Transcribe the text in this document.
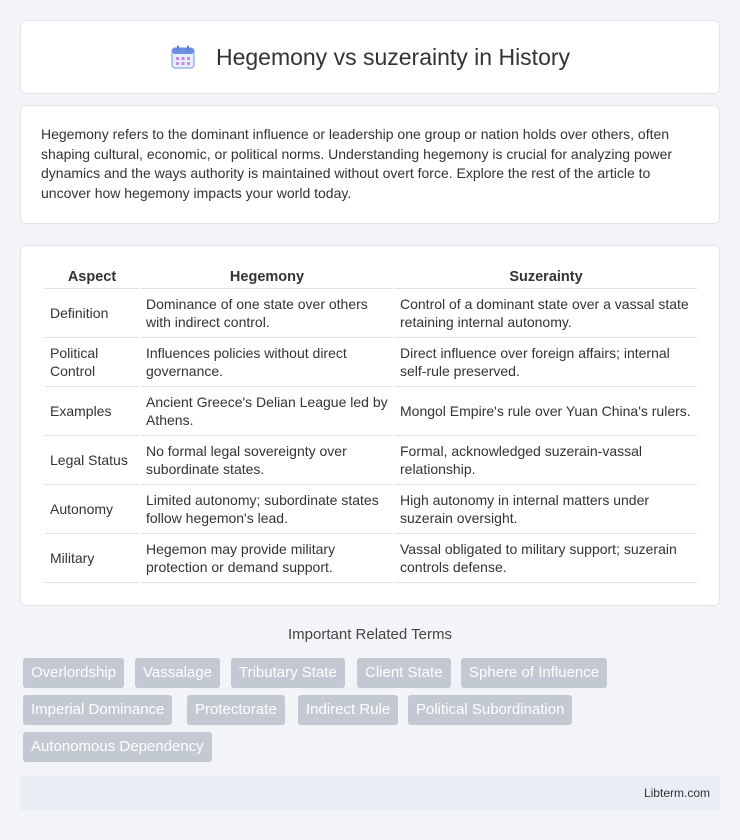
Hegemony vs suzerainty in History

Hegemony refers to the dominant influence or leadership one group or nation holds over others, often shaping cultural, economic, or political norms. Understanding hegemony is crucial for analyzing power dynamics and the ways authority is maintained without overt force. Explore the rest of the article to uncover how hegemony impacts your world today.

Aspect	Hegemony	Suzerainty
Definition	Dominance of one state over others with indirect control.	Control of a dominant state over a vassal state retaining internal autonomy.
Political Control	Influences policies without direct governance.	Direct influence over foreign affairs; internal self-rule preserved.
Examples	Ancient Greece's Delian League led by Athens.	Mongol Empire's rule over Yuan China's rulers.
Legal Status	No formal legal sovereignty over subordinate states.	Formal, acknowledged suzerain-vassal relationship.
Autonomy	Limited autonomy; subordinate states follow hegemon's lead.	High autonomy in internal matters under suzerain oversight.
Military	Hegemon may provide military protection or demand support.	Vassal obligated to military support; suzerain controls defense.
Important Related Terms
Overlordship	Vassalage	Tributary State	Client State	Sphere of Influence
Imperial Dominance	Protectorate	Indirect Rule	Political Subordination
Autonomous Dependency
Libterm.com
